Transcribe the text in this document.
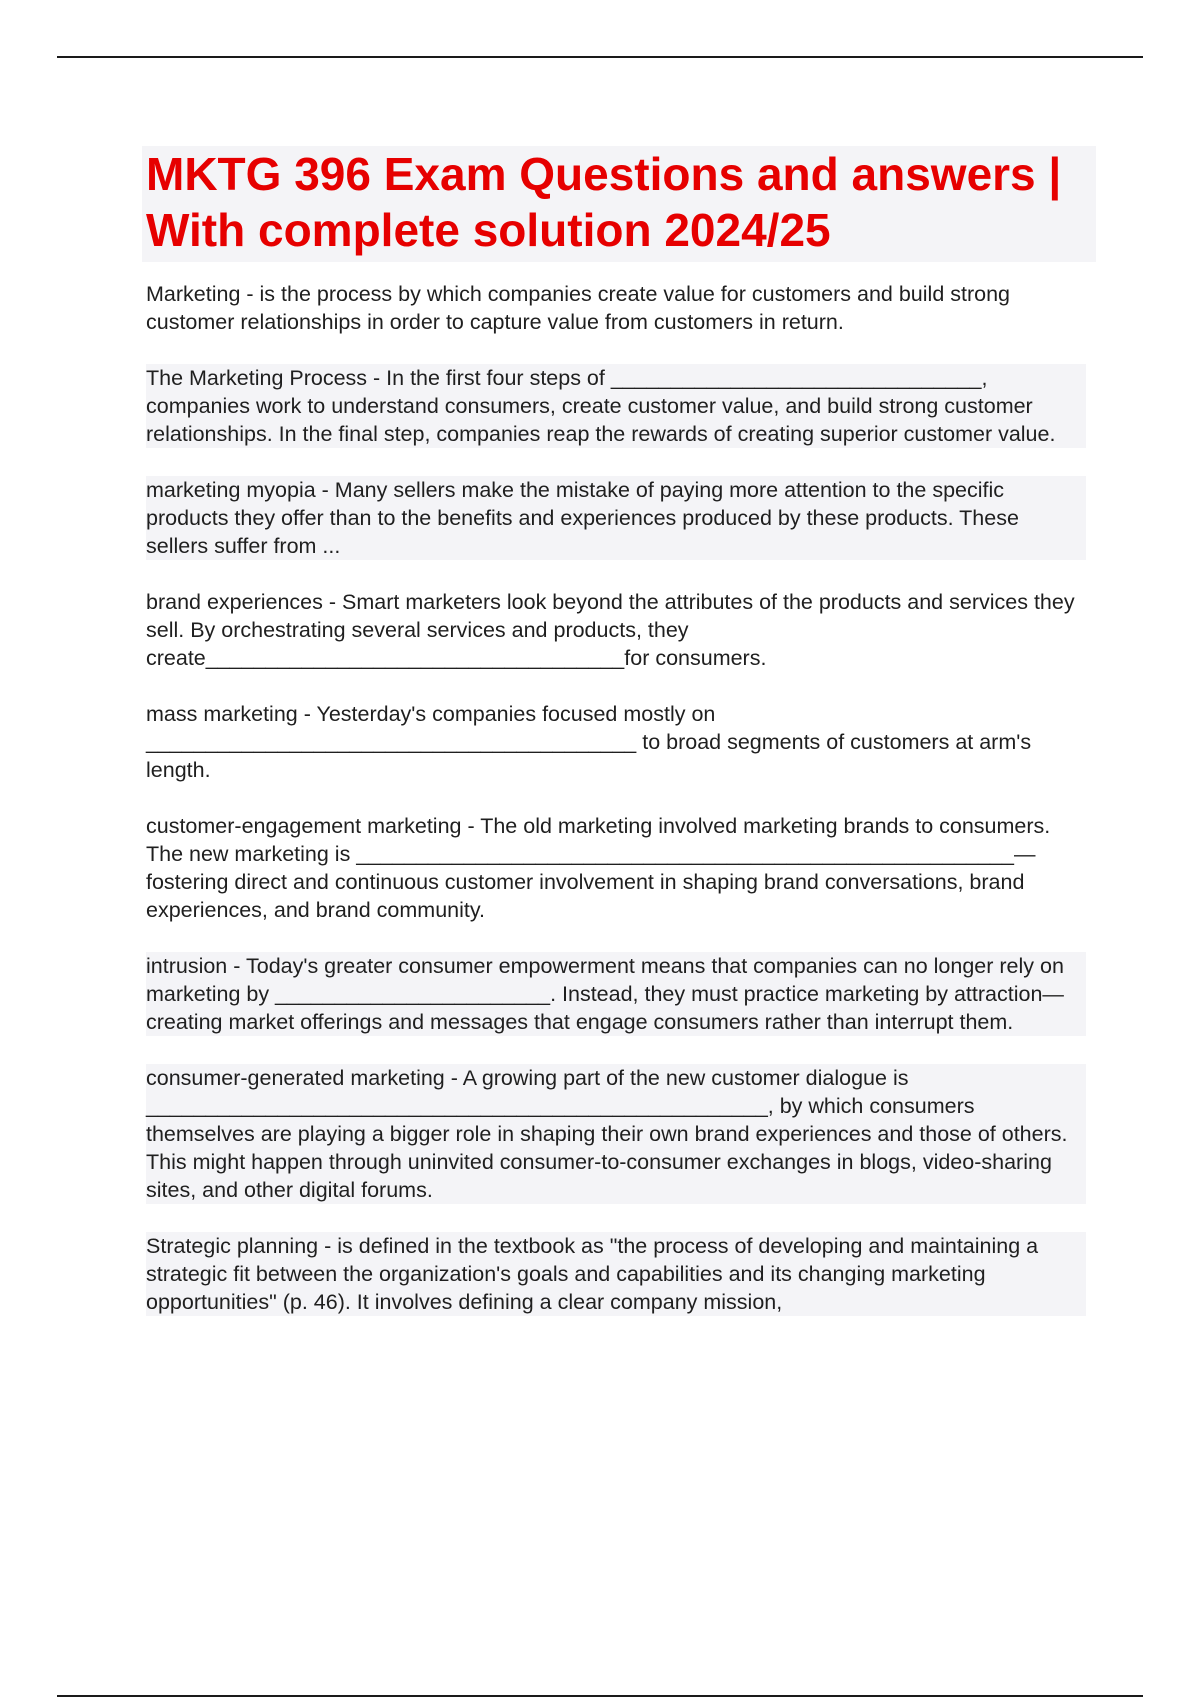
MKTG 396 Exam Questions and answers | With complete solution 2024/25

Marketing - is the process by which companies create value for customers and build strong customer relationships in order to capture value from customers in return.

The Marketing Process - In the first four steps of _______________________________, companies work to understand consumers, create customer value, and build strong customer relationships. In the final step, companies reap the rewards of creating superior customer value.

marketing myopia - Many sellers make the mistake of paying more attention to the specific products they offer than to the benefits and experiences produced by these products. These sellers suffer from ...

brand experiences - Smart marketers look beyond the attributes of the products and services they sell. By orchestrating several services and products, they create___________________________________for consumers.

mass marketing - Yesterday's companies focused mostly on _________________________________________ to broad segments of customers at arm's length.

customer-engagement marketing - The old marketing involved marketing brands to consumers. The new marketing is _______________________________________________________—fostering direct and continuous customer involvement in shaping brand conversations, brand experiences, and brand community.

intrusion - Today's greater consumer empowerment means that companies can no longer rely on marketing by _______________________. Instead, they must practice marketing by attraction—creating market offerings and messages that engage consumers rather than interrupt them.

consumer-generated marketing - A growing part of the new customer dialogue is ____________________________________________________, by which consumers themselves are playing a bigger role in shaping their own brand experiences and those of others. This might happen through uninvited consumer-to-consumer exchanges in blogs, video-sharing sites, and other digital forums.

Strategic planning - is defined in the textbook as "the process of developing and maintaining a strategic fit between the organization's goals and capabilities and its changing marketing opportunities" (p. 46). It involves defining a clear company mission,
